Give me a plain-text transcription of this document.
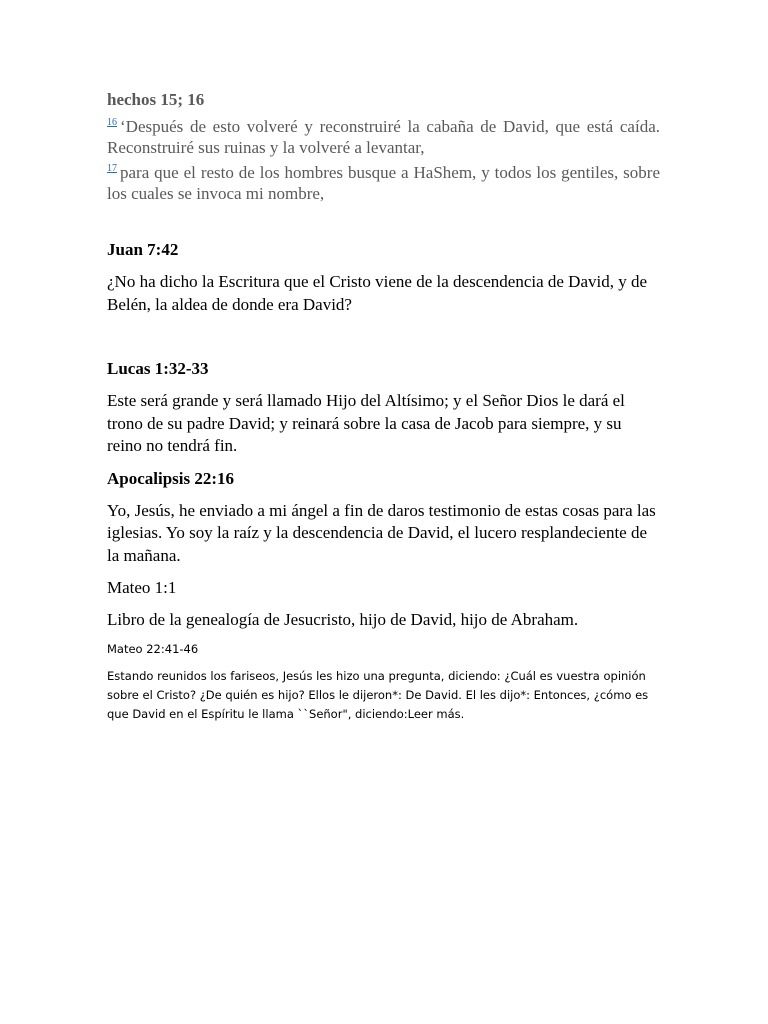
hechos 15; 16

$^{16}$ ‘Después de esto volveré y reconstruiré la cabaña de David, que está caída. Reconstruiré sus ruinas y la volveré a levantar,

$^{17}$ para que el resto de los hombres busque a HaShem, y todos los gentiles, sobre los cuales se invoca mi nombre,

Juan 7:42

¿No ha dicho la Escritura que el Cristo viene de la descendencia de David, y de Belén, la aldea de donde era David?

Lucas 1:32-33

Este será grande y será llamado Hijo del Altísimo; y el Señor Dios le dará el trono de su padre David; y reinará sobre la casa de Jacob para siempre, y su reino no tendrá fin.

Apocalipsis 22:16

Yo, Jesús, he enviado a mi ángel a fin de daros testimonio de estas cosas para las iglesias. Yo soy la raíz y la descendencia de David, el lucero resplandeciente de la mañana.

Mateo 1:1

Libro de la genealogía de Jesucristo, hijo de David, hijo de Abraham.

Mateo 22:41-46

Estando reunidos los fariseos, Jesús les hizo una pregunta, diciendo: ¿Cuál es vuestra opinión sobre el Cristo? ¿De quién es hijo? Ellos le dijeron*: De David. El les dijo*: Entonces, ¿cómo es que David en el Espíritu le llama ``Señor", diciendo:Leer más.
